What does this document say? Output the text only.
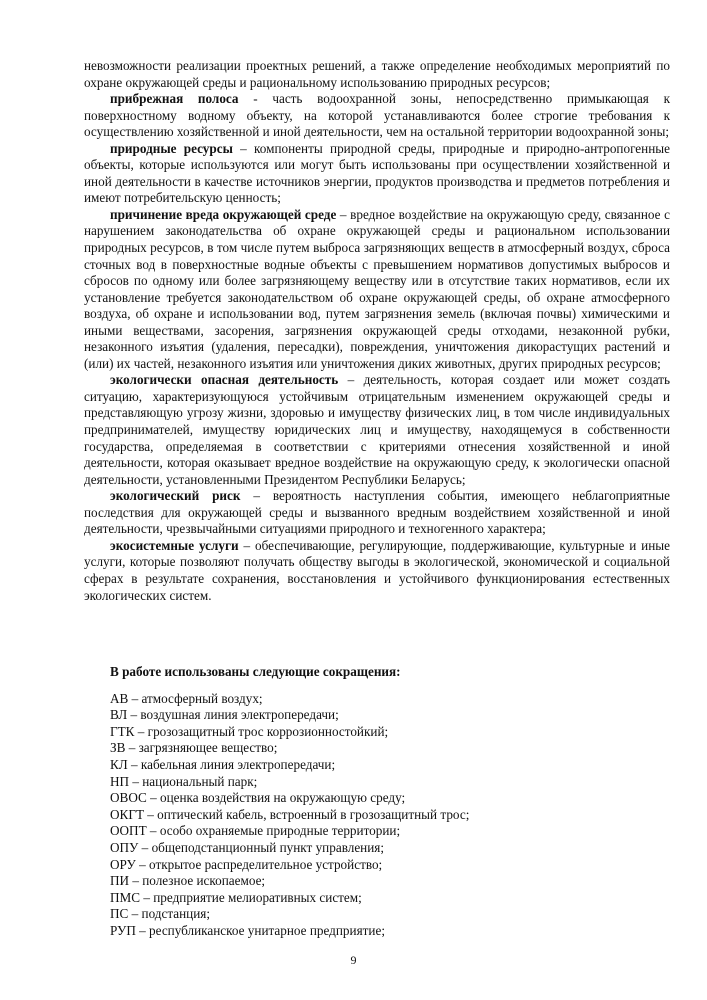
невозможности реализации проектных решений, а также определение необходимых мероприятий по охране окружающей среды и рациональному использованию природных ресурсов;

прибрежная полоса - часть водоохранной зоны, непосредственно примыкающая к поверхностному водному объекту, на которой устанавливаются более строгие требования к осуществлению хозяйственной и иной деятельности, чем на остальной территории водоохранной зоны;

природные ресурсы – компоненты природной среды, природные и природно-антропогенные объекты, которые используются или могут быть использованы при осуществлении хозяйственной и иной деятельности в качестве источников энергии, продуктов производства и предметов потребления и имеют потребительскую ценность;

причинение вреда окружающей среде – вредное воздействие на окружающую среду, связанное с нарушением законодательства об охране окружающей среды и рациональном использовании природных ресурсов, в том числе путем выброса загрязняющих веществ в атмосферный воздух, сброса сточных вод в поверхностные водные объекты с превышением нормативов допустимых выбросов и сбросов по одному или более загрязняющему веществу или в отсутствие таких нормативов, если их установление требуется законодательством об охране окружающей среды, об охране атмосферного воздуха, об охране и использовании вод, путем загрязнения земель (включая почвы) химическими и иными веществами, засорения, загрязнения окружающей среды отходами, незаконной рубки, незаконного изъятия (удаления, пересадки), повреждения, уничтожения дикорастущих растений и (или) их частей, незаконного изъятия или уничтожения диких животных, других природных ресурсов;

экологически опасная деятельность – деятельность, которая создает или может создать ситуацию, характеризующуюся устойчивым отрицательным изменением окружающей среды и представляющую угрозу жизни, здоровью и имуществу физических лиц, в том числе индивидуальных предпринимателей, имуществу юридических лиц и имуществу, находящемуся в собственности государства, определяемая в соответствии с критериями отнесения хозяйственной и иной деятельности, которая оказывает вредное воздействие на окружающую среду, к экологически опасной деятельности, установленными Президентом Республики Беларусь;

экологический риск – вероятность наступления события, имеющего неблагоприятные последствия для окружающей среды и вызванного вредным воздействием хозяйственной и иной деятельности, чрезвычайными ситуациями природного и техногенного характера;

экосистемные услуги – обеспечивающие, регулирующие, поддерживающие, культурные и иные услуги, которые позволяют получать обществу выгоды в экологической, экономической и социальной сферах в результате сохранения, восстановления и устойчивого функционирования естественных экологических систем.

В работе использованы следующие сокращения:
АВ – атмосферный воздух;
ВЛ – воздушная линия электропередачи;
ГТК – грозозащитный трос коррозионностойкий;
ЗВ – загрязняющее вещество;
КЛ – кабельная линия электропередачи;
НП – национальный парк;
ОВОС – оценка воздействия на окружающую среду;
ОКГТ – оптический кабель, встроенный в грозозащитный трос;
ООПТ – особо охраняемые природные территории;
ОПУ – общеподстанционный пункт управления;
ОРУ – открытое распределительное устройство;
ПИ – полезное ископаемое;
ПМС – предприятие мелиоративных систем;
ПС – подстанция;
РУП – республиканское унитарное предприятие;
9
